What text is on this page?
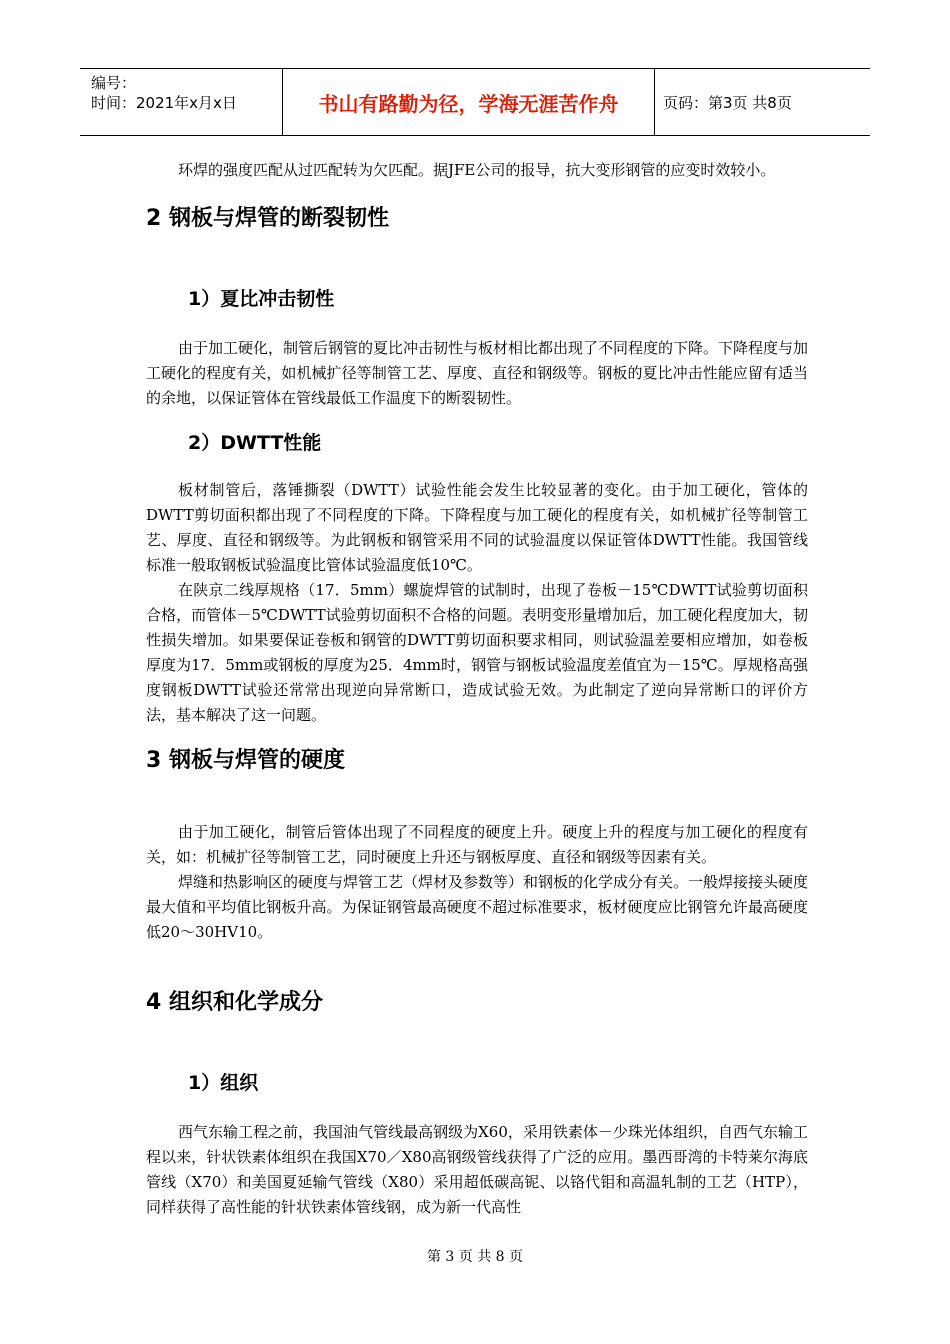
编号：
时间：2021年x月x日	书山有路勤为径，学海无涯苦作舟	页码：第3页 共8页

环焊的强度匹配从过匹配转为欠匹配。据JFE公司的报导，抗大变形钢管的应变时效较小。

2 钢板与焊管的断裂韧性
1）夏比冲击韧性

由于加工硬化，制管后钢管的夏比冲击韧性与板材相比都出现了不同程度的下降。下降程度与加工硬化的程度有关，如机械扩径等制管工艺、厚度、直径和钢级等。钢板的夏比冲击性能应留有适当的余地，以保证管体在管线最低工作温度下的断裂韧性。

2）DWTT性能

板材制管后，落锤撕裂（DWTT）试验性能会发生比较显著的变化。由于加工硬化，管体的DWTT剪切面积都出现了不同程度的下降。下降程度与加工硬化的程度有关，如机械扩径等制管工艺、厚度、直径和钢级等。为此钢板和钢管采用不同的试验温度以保证管体DWTT性能。我国管线标准一般取钢板试验温度比管体试验温度低10℃。

在陕京二线厚规格（17．5mm）螺旋焊管的试制时，出现了卷板－15℃DWTT试验剪切面积合格，而管体－5℃DWTT试验剪切面积不合格的问题。表明变形量增加后，加工硬化程度加大，韧性损失增加。如果要保证卷板和钢管的DWTT剪切面积要求相同，则试验温差要相应增加，如卷板厚度为17．5mm或钢板的厚度为25．4mm时，钢管与钢板试验温度差值宜为－15℃。厚规格高强度钢板DWTT试验还常常出现逆向异常断口，造成试验无效。为此制定了逆向异常断口的评价方法，基本解决了这一问题。

3 钢板与焊管的硬度

由于加工硬化，制管后管体出现了不同程度的硬度上升。硬度上升的程度与加工硬化的程度有关，如：机械扩径等制管工艺，同时硬度上升还与钢板厚度、直径和钢级等因素有关。

焊缝和热影响区的硬度与焊管工艺（焊材及参数等）和钢板的化学成分有关。一般焊接接头硬度最大值和平均值比钢板升高。为保证钢管最高硬度不超过标准要求，板材硬度应比钢管允许最高硬度低20～30HV10。

4 组织和化学成分
1）组织

西气东输工程之前，我国油气管线最高钢级为X60，采用铁素体－少珠光体组织，自西气东输工程以来，针状铁素体组织在我国X70／X80高钢级管线获得了广泛的应用。墨西哥湾的卡特莱尔海底管线（X70）和美国夏延输气管线（X80）采用超低碳高铌、以铬代钼和高温轧制的工艺（HTP），同样获得了高性能的针状铁素体管线钢，成为新一代高性

第 3 页 共 8 页
